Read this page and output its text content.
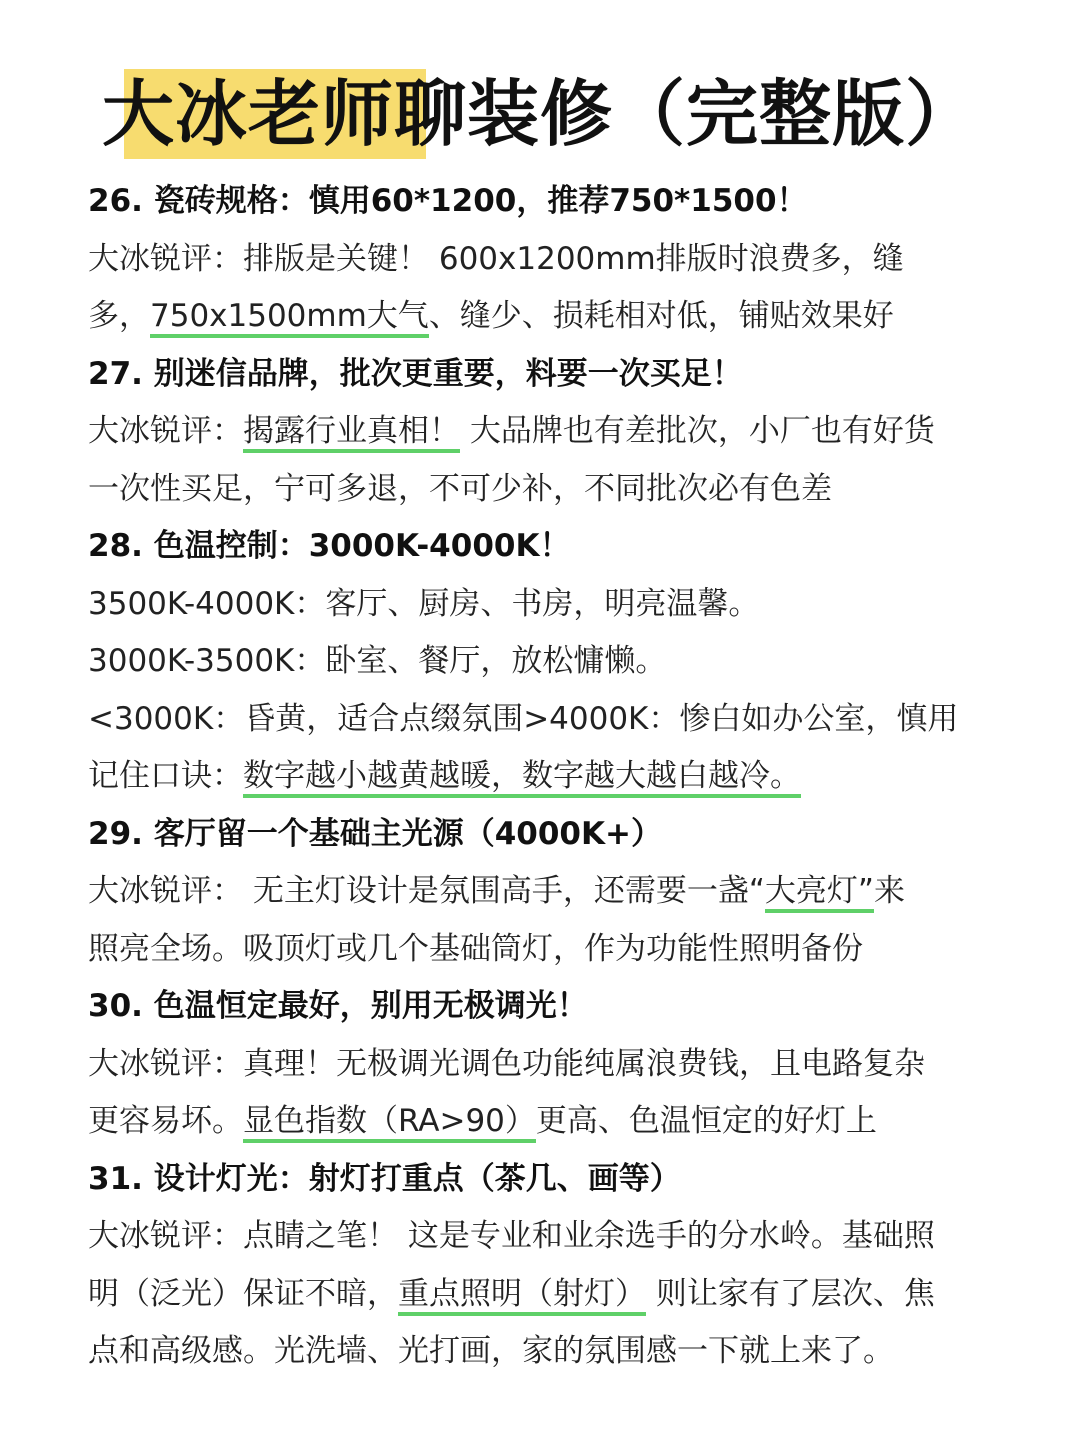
大冰老师聊装修（完整版）
26. 瓷砖规格：慎用60*1200，推荐750*1500！
大冰锐评：排版是关键！ 600x1200mm排版时浪费多，缝
多，750x1500mm大气、缝少、损耗相对低，铺贴效果好
27. 别迷信品牌，批次更重要，料要一次买足！
大冰锐评：揭露行业真相！ 大品牌也有差批次，小厂也有好货
一次性买足，宁可多退，不可少补，不同批次必有色差
28. 色温控制：3000K-4000K！
3500K-4000K：客厅、厨房、书房，明亮温馨。
3000K-3500K：卧室、餐厅，放松慵懒。
<3000K：昏黄，适合点缀氛围>4000K：惨白如办公室，慎用
记住口诀：数字越小越黄越暖，数字越大越白越冷。
29. 客厅留一个基础主光源（4000K+）
大冰锐评： 无主灯设计是氛围高手，还需要一盏“大亮灯”来
照亮全场。吸顶灯或几个基础筒灯，作为功能性照明备份
30. 色温恒定最好，别用无极调光！
大冰锐评：真理！无极调光调色功能纯属浪费钱，且电路复杂
更容易坏。显色指数（RA>90）更高、色温恒定的好灯上
31. 设计灯光：射灯打重点（茶几、画等）
大冰锐评：点睛之笔！ 这是专业和业余选手的分水岭。基础照
明（泛光）保证不暗，重点照明（射灯） 则让家有了层次、焦
点和高级感。光洗墙、光打画，家的氛围感一下就上来了。
